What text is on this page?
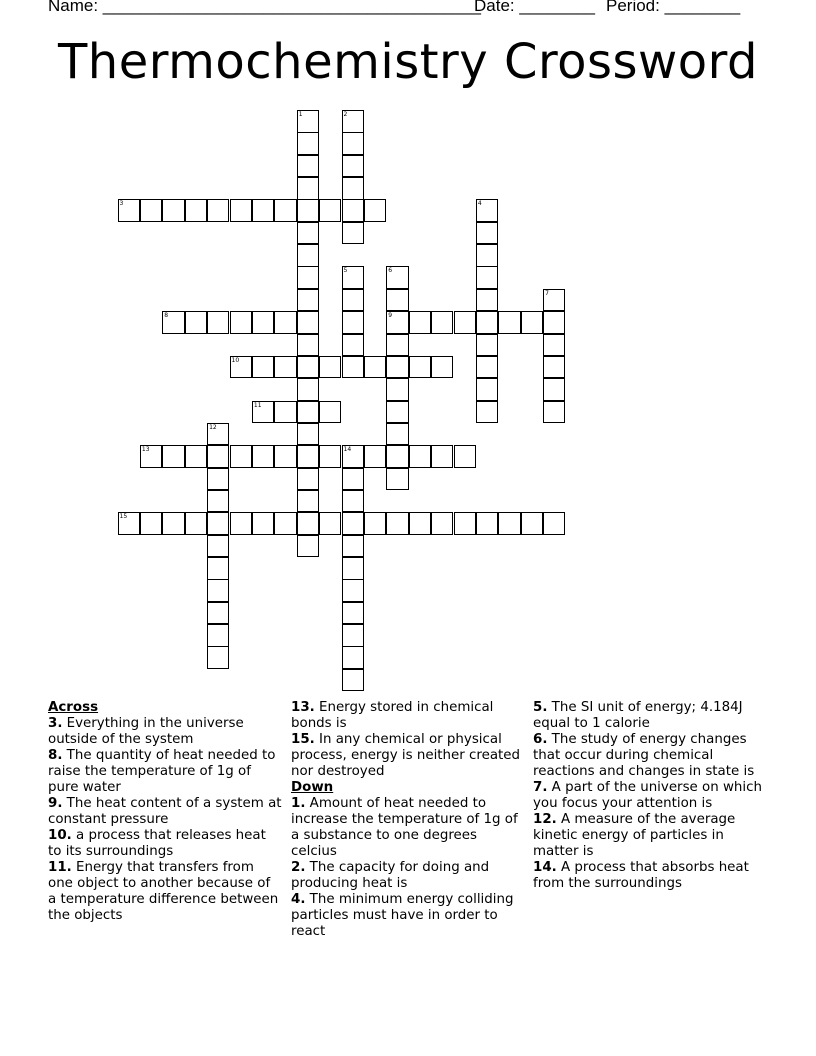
Name: ________________________________________
Date: ________ Period: ________
Thermochemistry Crossword
1	2
3	4
5	6
9
7
8
10
11
12
13	14
15
Across
3. Everything in the universe outside of the system
8. The quantity of heat needed to raise the temperature of 1g of pure water
9. The heat content of a system at constant pressure
10. a process that releases heat to its surroundings
11. Energy that transfers from one object to another because of a temperature difference between the objects
13. Energy stored in chemical bonds is
15. In any chemical or physical process, energy is neither created nor destroyed
Down
1. Amount of heat needed to increase the temperature of 1g of a substance to one degrees celcius
2. The capacity for doing and producing heat is
4. The minimum energy colliding particles must have in order to react
5. The SI unit of energy; 4.184J equal to 1 calorie
6. The study of energy changes that occur during chemical reactions and changes in state is
7. A part of the universe on which you focus your attention is
12. A measure of the average kinetic energy of particles in matter is
14. A process that absorbs heat from the surroundings
